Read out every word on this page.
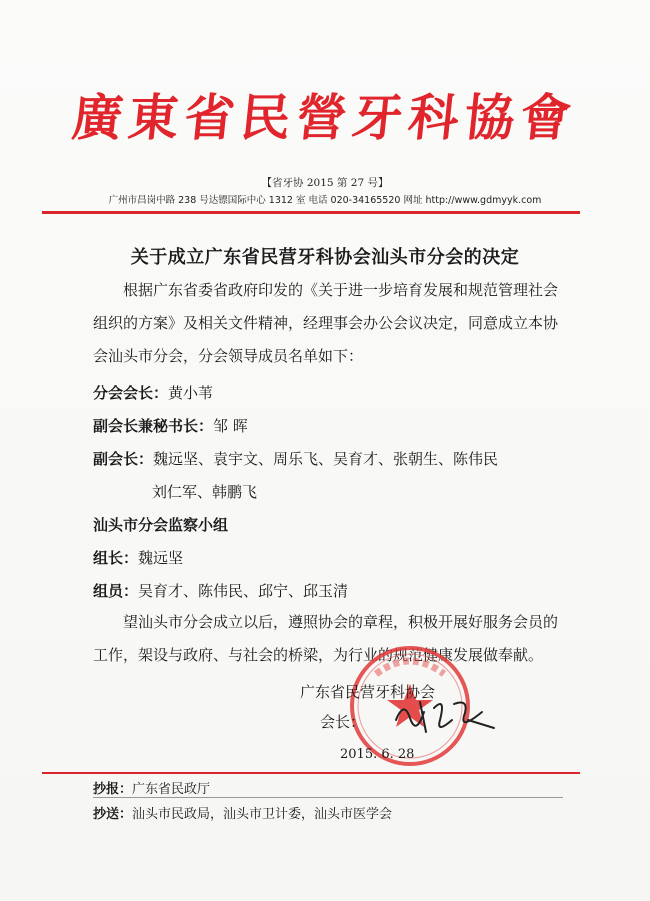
廣東省民營牙科協會
【省牙协 2015 第 27 号】
广州市昌岗中路 238 号达镖国际中心 1312 室 电话 020-34165520 网址 http://www.gdmyyk.com
关于成立广东省民营牙科协会汕头市分会的决定
根据广东省委省政府印发的《关于进一步培育发展和规范管理社会组织的方案》及相关文件精神，经理事会办公会议决定，同意成立本协会汕头市分会，分会领导成员名单如下：
分会会长：黄小苇
副会长兼秘书长：邹 晖
副会长：魏远坚、袁宇文、周乐飞、吴育才、张朝生、陈伟民
刘仁军、韩鹏飞
汕头市分会监察小组
组长：魏远坚
组员：吴育才、陈伟民、邱宁、邱玉清
望汕头市分会成立以后，遵照协会的章程，积极开展好服务会员的工作，架设与政府、与社会的桥梁，为行业的规范健康发展做奉献。
广东省民营牙科协会
会长：
2015. 6. 28
抄报：广东省民政厅
抄送：汕头市民政局，汕头市卫计委，汕头市医学会
